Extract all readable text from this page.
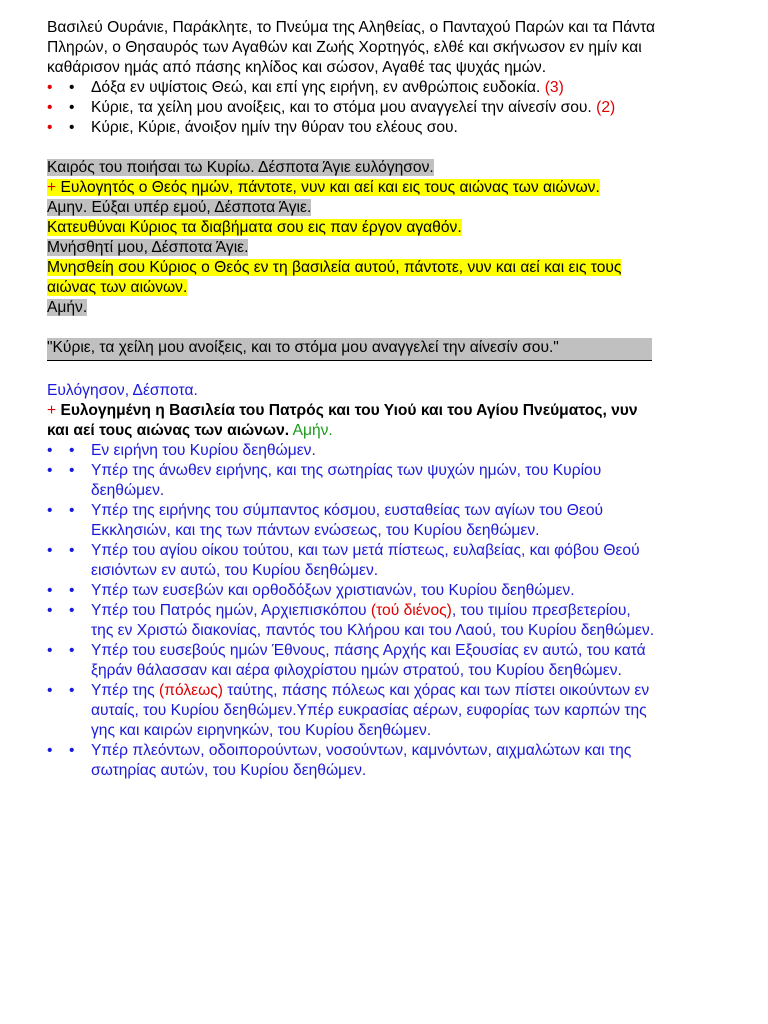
Βασιλεύ Ουράνιε, Παράκλητε, το Πνεύμα της Αληθείας, ο Πανταχού Παρών και τα Πάντα Πληρών, ο Θησαυρός των Αγαθών και Ζωής Χορτηγός, ελθέ και σκήνωσον εν ημίν και καθάρισον ημάς από πάσης κηλίδος και σώσον, Αγαθέ τας ψυχάς ημών.

•	•	Δόξα εν υψίστοις Θεώ, και επί γης ειρήνη, εν ανθρώποις ευδοκία. (3)
•	•	Κύριε, τα χείλη μου ανοίξεις, και το στόμα μου αναγγελεί την αίνεσίν σου. (2)
•	•	Κύριε, Κύριε, άνοιξον ημίν την θύραν του ελέους σου.

Καιρός του ποιήσαι τω Κυρίω. Δέσποτα Άγιε ευλόγησον.

+ Ευλογητός ο Θεός ημών, πάντοτε, νυν και αεί και εις τους αιώνας των αιώνων.

Αμην. Εύξαι υπέρ εμού, Δέσποτα Άγιε.

Κατευθύναι Κύριος τα διαβήματα σου εις παν έργον αγαθόν.

Μνήσθητί μου, Δέσποτα Άγιε.

Μνησθείη σου Κύριος ο Θεός εν τη βασιλεία αυτού, πάντοτε, νυν και αεί και εις τους αιώνας των αιώνων.

Αμήν.

"Κύριε, τα χείλη μου ανοίξεις, και το στόμα μου αναγγελεί την αίνεσίν σου."

Ευλόγησον, Δέσποτα.

+ Ευλογημένη η Βασιλεία του Πατρός και του Υιού και του Αγίου Πνεύματος, νυν και αεί τους αιώνας των αιώνων. Αμήν.

•	•	Εν ειρήνη του Κυρίου δεηθώμεν.
•	•	Υπέρ της άνωθεν ειρήνης, και της σωτηρίας των ψυχών ημών, του Κυρίου δεηθώμεν.
•	•	Υπέρ της ειρήνης του σύμπαντος κόσμου, ευσταθείας των αγίων του Θεού Εκκλησιών, και της των πάντων ενώσεως, του Κυρίου δεηθώμεν.
•	•	Υπέρ του αγίου οίκου τούτου, και των μετά πίστεως, ευλαβείας, και φόβου Θεού εισιόντων εν αυτώ, του Κυρίου δεηθώμεν.
•	•	Υπέρ των ευσεβών και ορθοδόξων χριστιανών, του Κυρίου δεηθώμεν.
•	•	Υπέρ του Πατρός ημών, Αρχιεπισκόπου (τού διένος), του τιμίου πρεσβετερίου, της εν Χριστώ διακονίας, παντός του Κλήρου και του Λαού, του Κυρίου δεηθώμεν.
•	•	Υπέρ του ευσεβούς ημών Έθνους, πάσης Αρχής και Εξουσίας εν αυτώ, του κατά ξηράν θάλασσαν και αέρα φιλοχρίστου ημών στρατού, του Κυρίου δεηθώμεν.
•	•	Υπέρ της (πόλεως) ταύτης, πάσης πόλεως και χόρας και των πίστει οικούντων εν αυταίς, του Κυρίου δεηθώμεν.Υπέρ ευκρασίας αέρων, ευφορίας των καρπών της γης και καιρών ειρηνηκών, του Κυρίου δεηθώμεν.
•	•	Υπέρ πλεόντων, οδοιπορούντων, νοσούντων, καμνόντων, αιχμαλώτων και της σωτηρίας αυτών, του Κυρίου δεηθώμεν.
